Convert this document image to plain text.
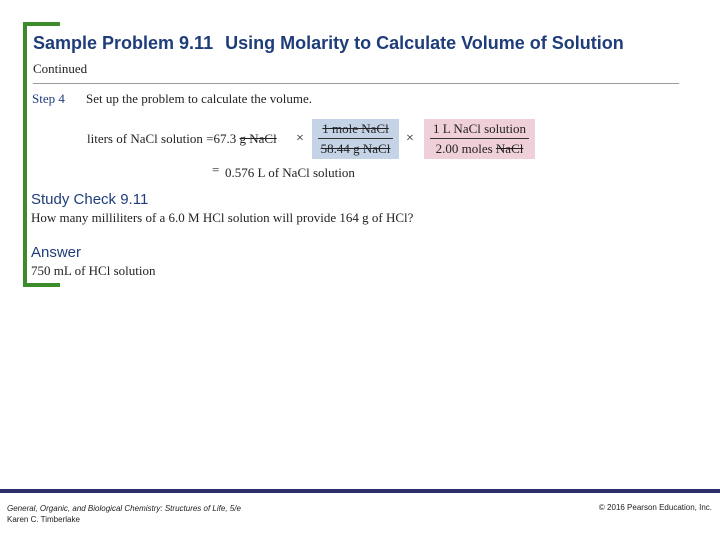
Sample Problem 9.11 Using Molarity to Calculate Volume of Solution
Continued
Step 4 Set up the problem to calculate the volume.
liters of NaCl solution =67.3 g NaCl ×
1 mole NaCl
58.44 g NaCl
×
1 L NaCl solution
2.00 moles NaCl
= 0.576 L of NaCl solution
Study Check 9.11
How many milliliters of a 6.0 M HCl solution will provide 164 g of HCl?
Answer
750 mL of HCl solution
General, Organic, and Biological Chemistry: Structures of Life, 5/e
Karen C. Timberlake
© 2016 Pearson Education, Inc.
